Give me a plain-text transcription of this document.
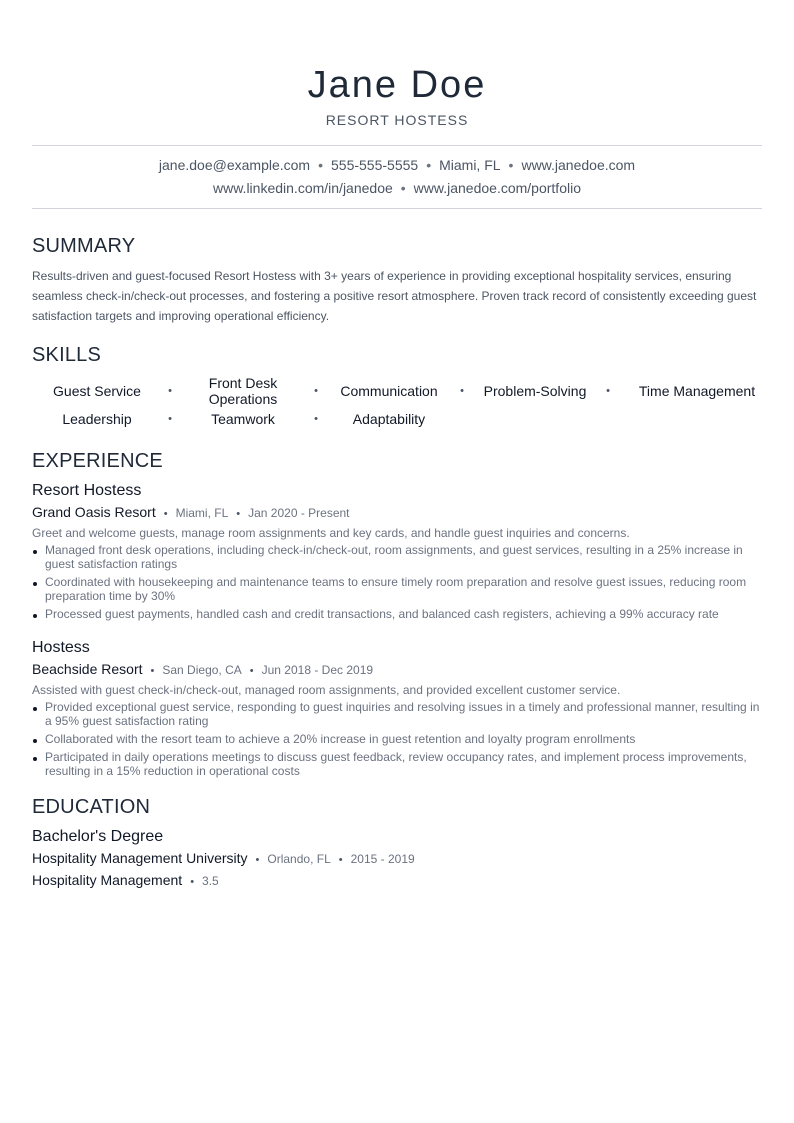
Jane Doe
RESORT HOSTESS
jane.doe@example.com • 555-555-5555 • Miami, FL • www.janedoe.com
www.linkedin.com/in/janedoe • www.janedoe.com/portfolio
SUMMARY
Results-driven and guest-focused Resort Hostess with 3+ years of experience in providing exceptional hospitality services, ensuring seamless check-in/check-out processes, and fostering a positive resort atmosphere. Proven track record of consistently exceeding guest satisfaction targets and improving operational efficiency.
SKILLS
Guest Service	•	Front Desk Operations	•	Communication	•	Problem-Solving	•	Time Management
Leadership	•	Teamwork	•	Adaptability
EXPERIENCE
Resort Hostess
Grand Oasis Resort • Miami, FL • Jan 2020 - Present
Greet and welcome guests, manage room assignments and key cards, and handle guest inquiries and concerns.
Managed front desk operations, including check-in/check-out, room assignments, and guest services, resulting in a 25% increase in guest satisfaction ratings
Coordinated with housekeeping and maintenance teams to ensure timely room preparation and resolve guest issues, reducing room preparation time by 30%
Processed guest payments, handled cash and credit transactions, and balanced cash registers, achieving a 99% accuracy rate
Hostess
Beachside Resort • San Diego, CA • Jun 2018 - Dec 2019
Assisted with guest check-in/check-out, managed room assignments, and provided excellent customer service.
Provided exceptional guest service, responding to guest inquiries and resolving issues in a timely and professional manner, resulting in a 95% guest satisfaction rating
Collaborated with the resort team to achieve a 20% increase in guest retention and loyalty program enrollments
Participated in daily operations meetings to discuss guest feedback, review occupancy rates, and implement process improvements, resulting in a 15% reduction in operational costs
EDUCATION
Bachelor's Degree
Hospitality Management University • Orlando, FL • 2015 - 2019
Hospitality Management • 3.5
